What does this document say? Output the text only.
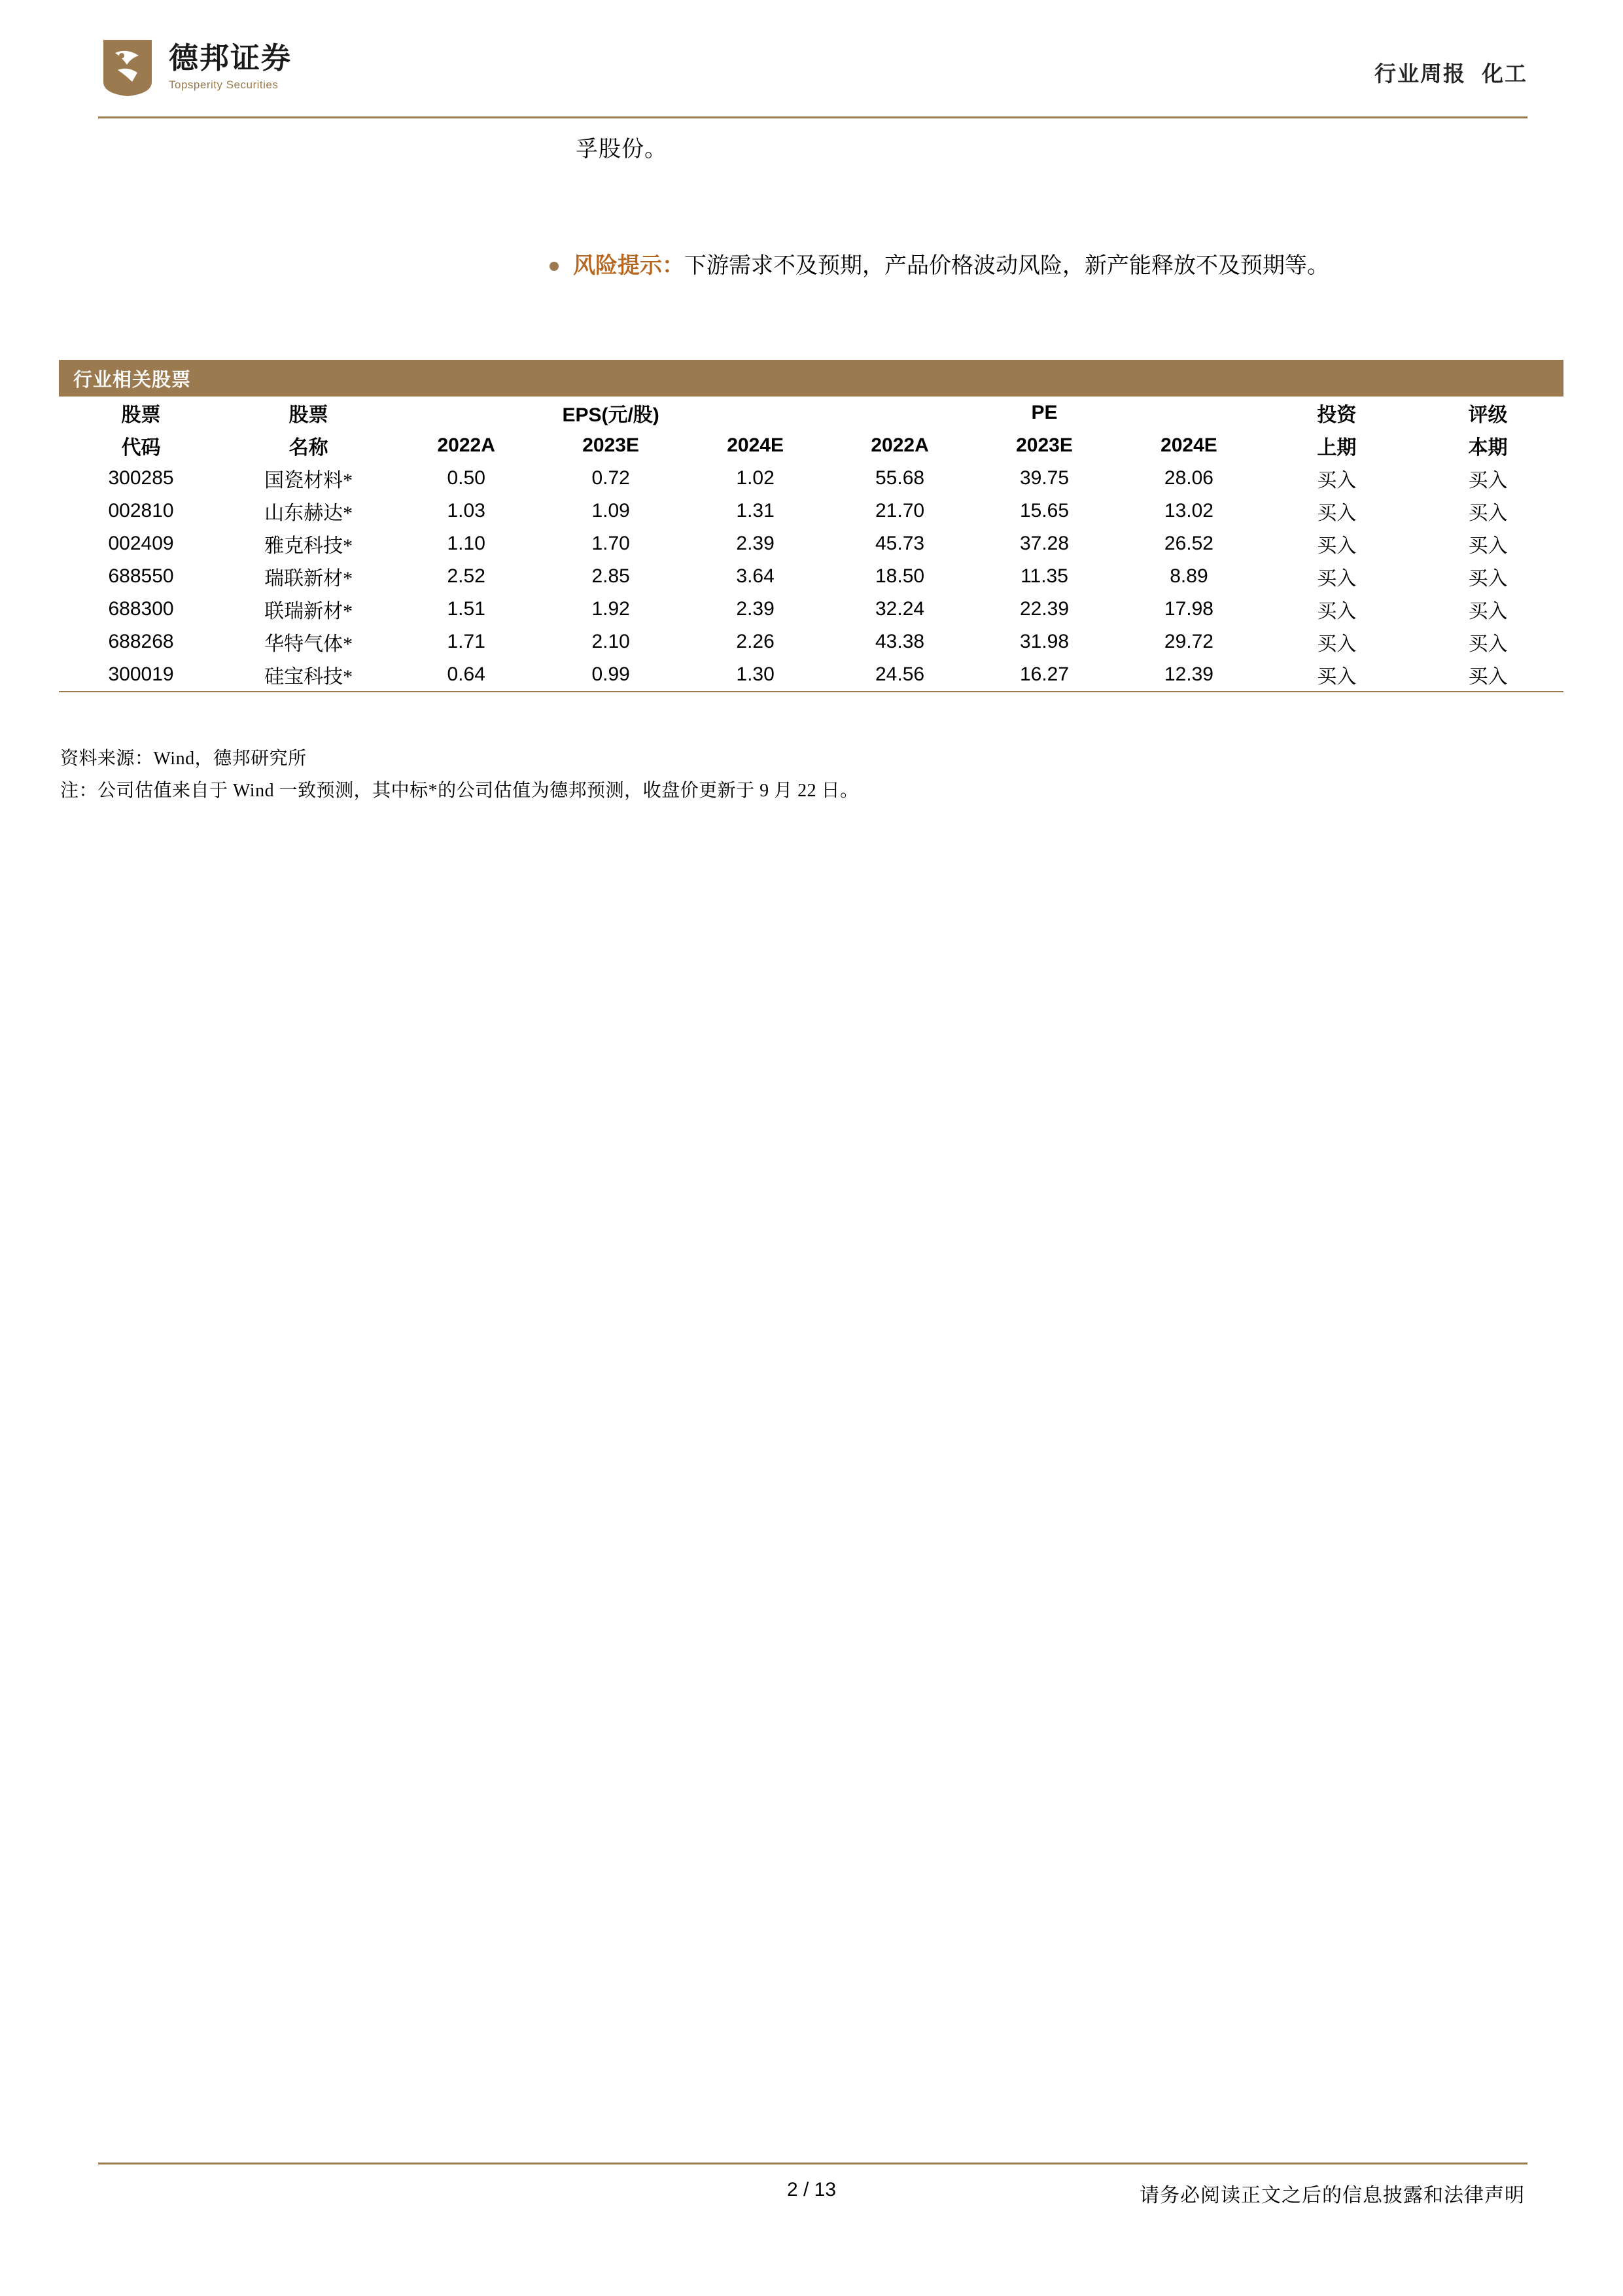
德邦证券
Topsperity Securities	行业周报 化工
孚股份。
风险提示：下游需求不及预期，产品价格波动风险，新产能释放不及预期等。
行业相关股票
股票	股票	EPS(元/股)			PE			投资	评级
代码	名称	2022A	2023E	2024E	2022A	2023E	2024E	上期	本期
300285	国瓷材料*	0.50	0.72	1.02	55.68	39.75	28.06	买入	买入
002810	山东赫达*	1.03	1.09	1.31	21.70	15.65	13.02	买入	买入
002409	雅克科技*	1.10	1.70	2.39	45.73	37.28	26.52	买入	买入
688550	瑞联新材*	2.52	2.85	3.64	18.50	11.35	8.89	买入	买入
688300	联瑞新材*	1.51	1.92	2.39	32.24	22.39	17.98	买入	买入
688268	华特气体*	1.71	2.10	2.26	43.38	31.98	29.72	买入	买入
300019	硅宝科技*	0.64	0.99	1.30	24.56	16.27	12.39	买入	买入
资料来源：Wind，德邦研究所
注：公司估值来自于 Wind 一致预测，其中标*的公司估值为德邦预测，收盘价更新于 9 月 22 日。
2 / 13	请务必阅读正文之后的信息披露和法律声明
